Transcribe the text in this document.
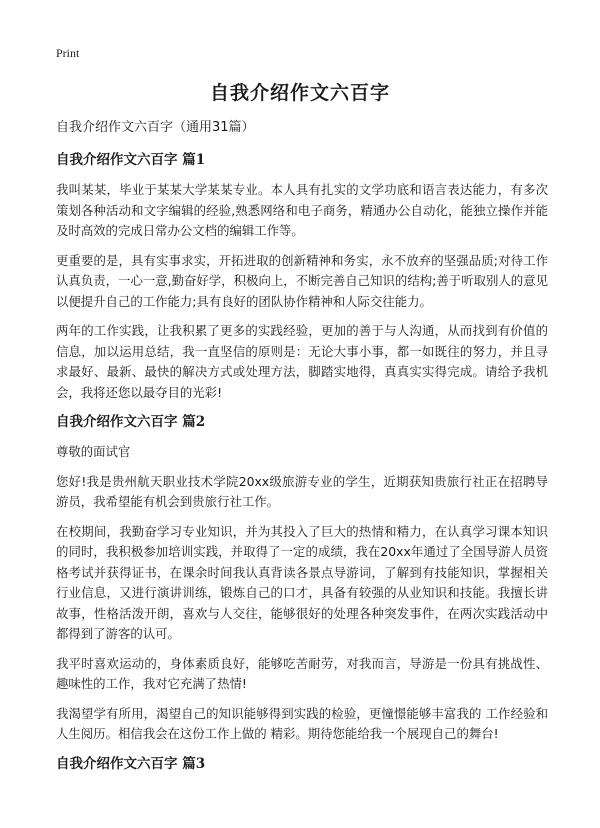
Print
自我介绍作文六百字

自我介绍作文六百字（通用31篇）

自我介绍作文六百字 篇1

我叫某某，毕业于某某大学某某专业。本人具有扎实的文学功底和语言表达能力，有多次策划各种活动和文字编辑的经验,熟悉网络和电子商务，精通办公自动化，能独立操作并能及时高效的完成日常办公文档的编辑工作等。

更重要的是，具有实事求实，开拓进取的创新精神和务实，永不放弃的坚强品质;对待工作认真负责，一心一意,勤奋好学，积极向上，不断完善自己知识的结构;善于听取别人的意见以便提升自己的工作能力;具有良好的团队协作精神和人际交往能力。

两年的工作实践，让我积累了更多的实践经验，更加的善于与人沟通，从而找到有价值的信息，加以运用总结，我一直坚信的原则是：无论大事小事，都一如既往的努力，并且寻求最好、最新、最快的解决方式或处理方法，脚踏实地得，真真实实得完成。请给予我机会，我将还您以最夺目的光彩!

自我介绍作文六百字 篇2

尊敬的面试官

您好!我是贵州航天职业技术学院20xx级旅游专业的学生，近期获知贵旅行社正在招聘导游员，我希望能有机会到贵旅行社工作。

在校期间，我勤奋学习专业知识，并为其投入了巨大的热情和精力，在认真学习课本知识的同时，我积极参加培训实践，并取得了一定的成绩，我在20xx年通过了全国导游人员资格考试并获得证书，在课余时间我认真背读各景点导游词，了解到有技能知识，掌握相关行业信息，又进行演讲训练，锻炼自己的口才，具备有较强的从业知识和技能。我擅长讲故事，性格活泼开朗，喜欢与人交往，能够很好的处理各种突发事件，在两次实践活动中都得到了游客的认可。

我平时喜欢运动的，身体素质良好，能够吃苦耐劳，对我而言，导游是一份具有挑战性、趣味性的工作，我对它充满了热情!

我渴望学有所用，渴望自己的知识能够得到实践的检验，更憧憬能够丰富我的 工作经验和人生阅历。相信我会在这份工作上做的 精彩。期待您能给我一个展现自己的舞台!

自我介绍作文六百字 篇3
